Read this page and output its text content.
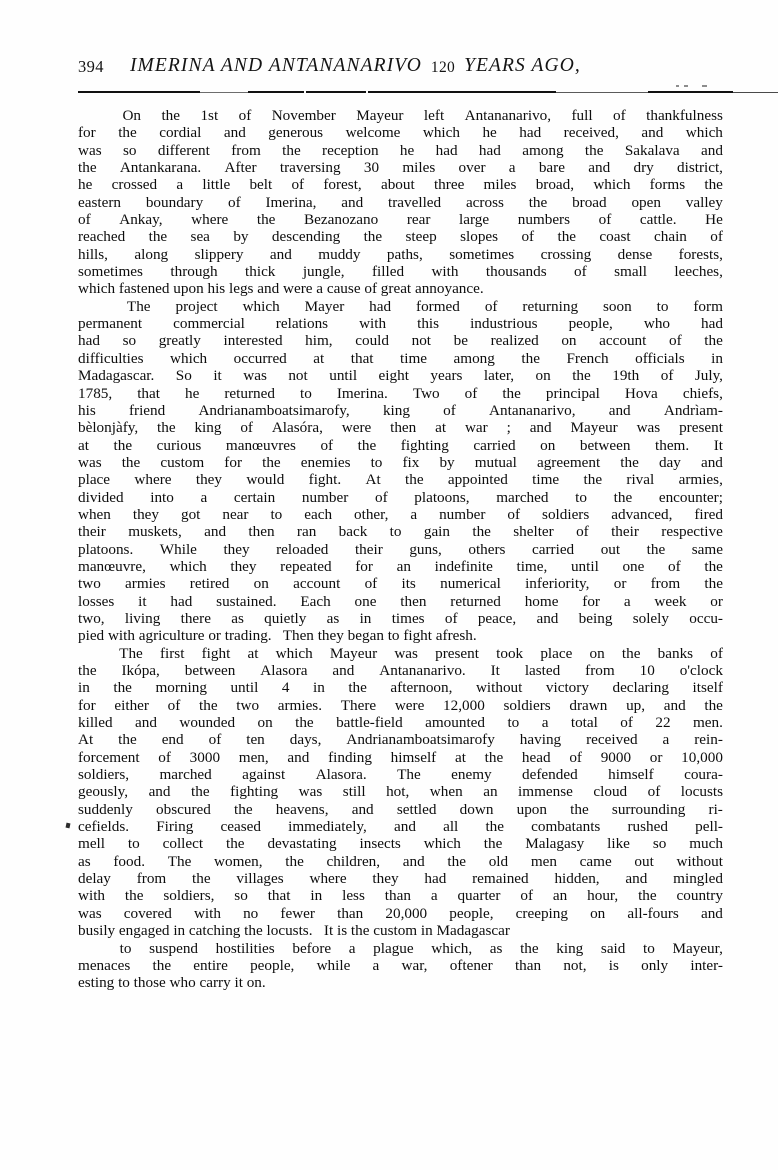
394 IMERINA AND ANTANANARIVO 120 YEARS AGO,
On the 1st of November Mayeur left Antananarivo, full of thankfulness
for the cordial and generous welcome which he had received, and which
was so different from the reception he had had among the Sakalava and
the Antankarana. After traversing 30 miles over a bare and dry district,
he crossed a little belt of forest, about three miles broad, which forms the
eastern boundary of Imerina, and travelled across the broad open valley
of Ankay, where the Bezanozano rear large numbers of cattle. He
reached the sea by descending the steep slopes of the coast chain of
hills, along slippery and muddy paths, sometimes crossing dense forests,
sometimes through thick jungle, filled with thousands of small leeches,
which fastened upon his legs and were a cause of great annoyance.
The project which Mayer had formed of returning soon to form
permanent commercial relations with this industrious people, who had
had so greatly interested him, could not be realized on account of the
difficulties which occurred at that time among the French officials in
Madagascar. So it was not until eight years later, on the 19th of July,
1785, that he returned to Imerina. Two of the principal Hova chiefs,
his friend Andrianamboatsimarofy, king of Antananarivo, and Andrìam-
bèlonjàfy, the king of Alasóra, were then at war ; and Mayeur was present
at the curious manœuvres of the fighting carried on between them. It
was the custom for the enemies to fix by mutual agreement the day and
place where they would fight. At the appointed time the rival armies,
divided into a certain number of platoons, marched to the encounter;
when they got near to each other, a number of soldiers advanced, fired
their muskets, and then ran back to gain the shelter of their respective
platoons. While they reloaded their guns, others carried out the same
manœuvre, which they repeated for an indefinite time, until one of the
two armies retired on account of its numerical inferiority, or from the
losses it had sustained. Each one then returned home for a week or
two, living there as quietly as in times of peace, and being solely occu-
pied with agriculture or trading.   Then they began to fight afresh.
The first fight at which Mayeur was present took place on the banks of
the Ikópa, between Alasora and Antananarivo. It lasted from 10 o'clock
in the morning until 4 in the afternoon, without victory declaring itself
for either of the two armies. There were 12,000 soldiers drawn up, and the
killed and wounded on the battle-field amounted to a total of 22 men.
At the end of ten days, Andrianamboatsimarofy having received a rein-
forcement of 3000 men, and finding himself at the head of 9000 or 10,000
soldiers, marched against Alasora. The enemy defended himself coura-
geously, and the fighting was still hot, when an immense cloud of locusts
suddenly obscured the heavens, and settled down upon the surrounding ri-
cefields. Firing ceased immediately, and all the combatants rushed pell-
mell to collect the devastating insects which the Malagasy like so much
as food. The women, the children, and the old men came out without
delay from the villages where they had remained hidden, and mingled
with the soldiers, so that in less than a quarter of an hour, the country
was covered with no fewer than 20,000 people, creeping on all-fours and
busily engaged in catching the locusts.   It is the custom in Madagascar
to suspend hostilities before a plague which, as the king said to Mayeur,
menaces the entire people, while a war, oftener than not, is only inter-
esting to those who carry it on.
